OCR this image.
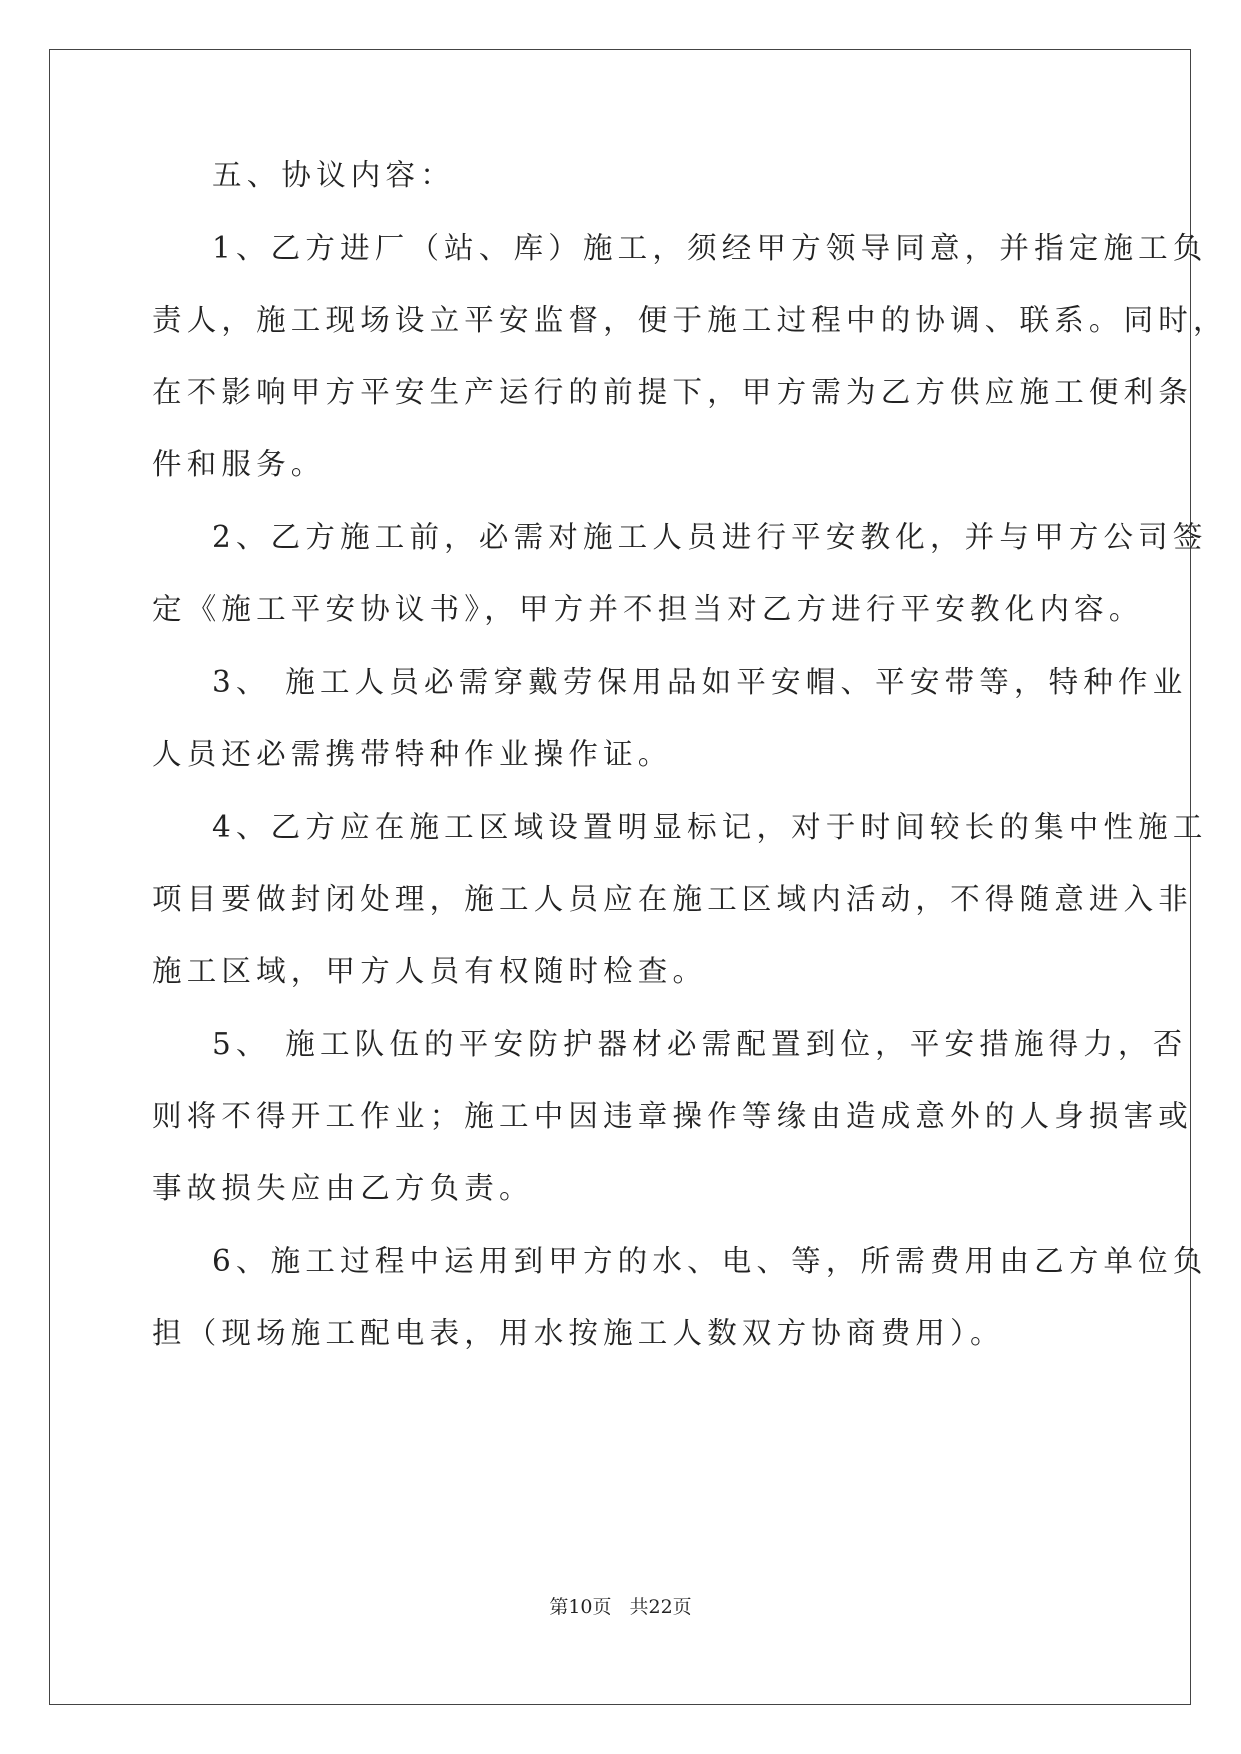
五、协议内容：
1、乙方进厂（站、库）施工，须经甲方领导同意，并指定施工负
责人，施工现场设立平安监督，便于施工过程中的协调、联系。同时，
在不影响甲方平安生产运行的前提下，甲方需为乙方供应施工便利条
件和服务。
2、乙方施工前，必需对施工人员进行平安教化，并与甲方公司签
定《施工平安协议书》，甲方并不担当对乙方进行平安教化内容。
3、 施工人员必需穿戴劳保用品如平安帽、平安带等，特种作业
人员还必需携带特种作业操作证。
4、乙方应在施工区域设置明显标记，对于时间较长的集中性施工
项目要做封闭处理，施工人员应在施工区域内活动，不得随意进入非
施工区域，甲方人员有权随时检查。
5、 施工队伍的平安防护器材必需配置到位，平安措施得力，否
则将不得开工作业；施工中因违章操作等缘由造成意外的人身损害或
事故损失应由乙方负责。
6、施工过程中运用到甲方的水、电、等，所需费用由乙方单位负
担（现场施工配电表，用水按施工人数双方协商费用）。
第10页 共22页
